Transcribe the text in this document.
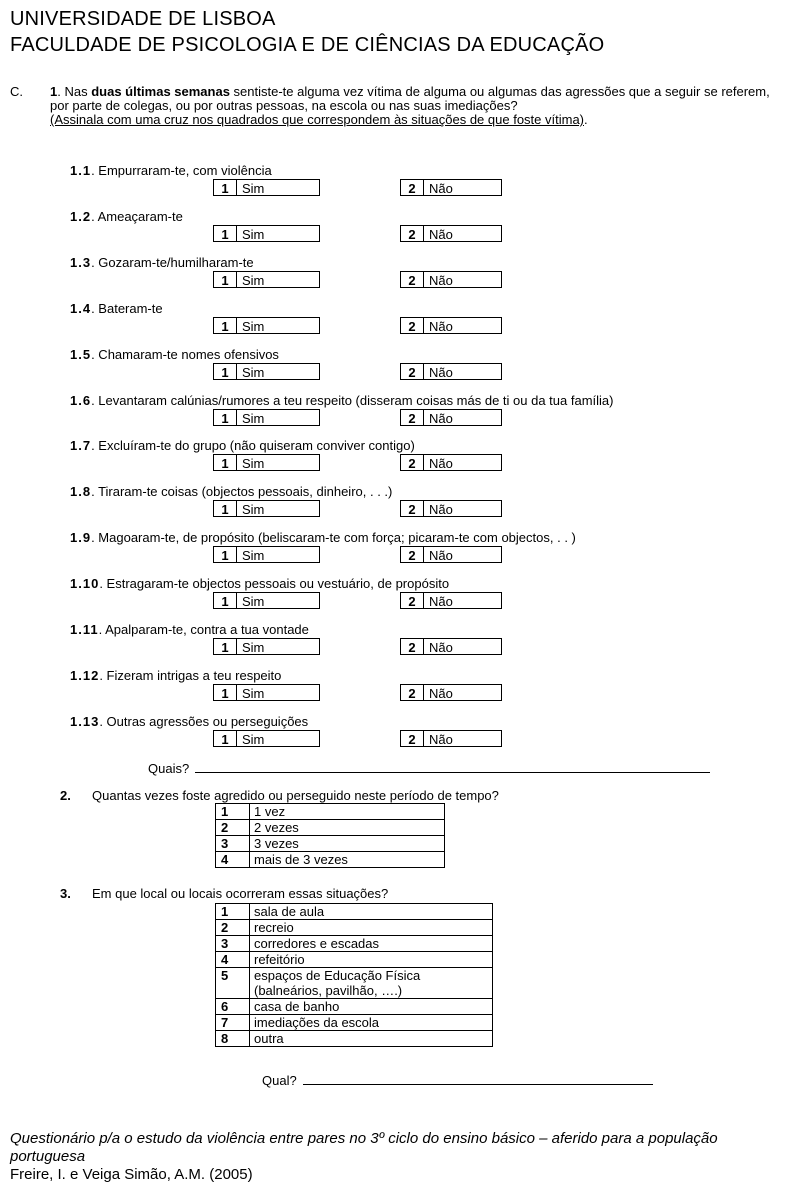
UNIVERSIDADE DE LISBOA
FACULDADE DE PSICOLOGIA E DE CIÊNCIAS DA EDUCAÇÃO
C. 1. Nas duas últimas semanas sentiste-te alguma vez vítima de alguma ou algumas das agressões que a seguir se referem, por parte de colegas, ou por outras pessoas, na escola ou nas suas imediações?
(Assinala com uma cruz nos quadrados que correspondem às situações de que foste vítima).
1.1. Empurraram-te, com violência
1	Sim	2	Não
1.2. Ameaçaram-te
1	Sim	2	Não
1.3. Gozaram-te/humilharam-te
1	Sim	2	Não
1.4. Bateram-te
1	Sim	2	Não
1.5. Chamaram-te nomes ofensivos
1	Sim	2	Não
1.6. Levantaram calúnias/rumores a teu respeito (disseram coisas más de ti ou da tua família)
1	Sim	2	Não
1.7. Excluíram-te do grupo (não quiseram conviver contigo)
1	Sim	2	Não
1.8. Tiraram-te coisas (objectos pessoais, dinheiro, . . .)
1	Sim	2	Não
1.9. Magoaram-te, de propósito (beliscaram-te com força; picaram-te com objectos, . . )
1	Sim	2	Não
1.10. Estragaram-te objectos pessoais ou vestuário, de propósito
1	Sim	2	Não
1.11. Apalparam-te, contra a tua vontade
1	Sim	2	Não
1.12. Fizeram intrigas a teu respeito
1	Sim	2	Não
1.13. Outras agressões ou perseguições
1	Sim	2	Não
Quais?
2. Quantas vezes foste agredido ou perseguido neste período de tempo?
1	1 vez
2	2 vezes
3	3 vezes
4	mais de 3 vezes
3. Em que local ou locais ocorreram essas situações?
1	sala de aula
2	recreio
3	corredores e escadas
4	refeitório
5	espaços de Educação Física
(balneários, pavilhão, ….)
6	casa de banho
7	imediações da escola
8	outra
Qual?
Questionário p/a o estudo da violência entre pares no 3º ciclo do ensino básico – aferido para a população portuguesa
Freire, I. e Veiga Simão, A.M. (2005)
